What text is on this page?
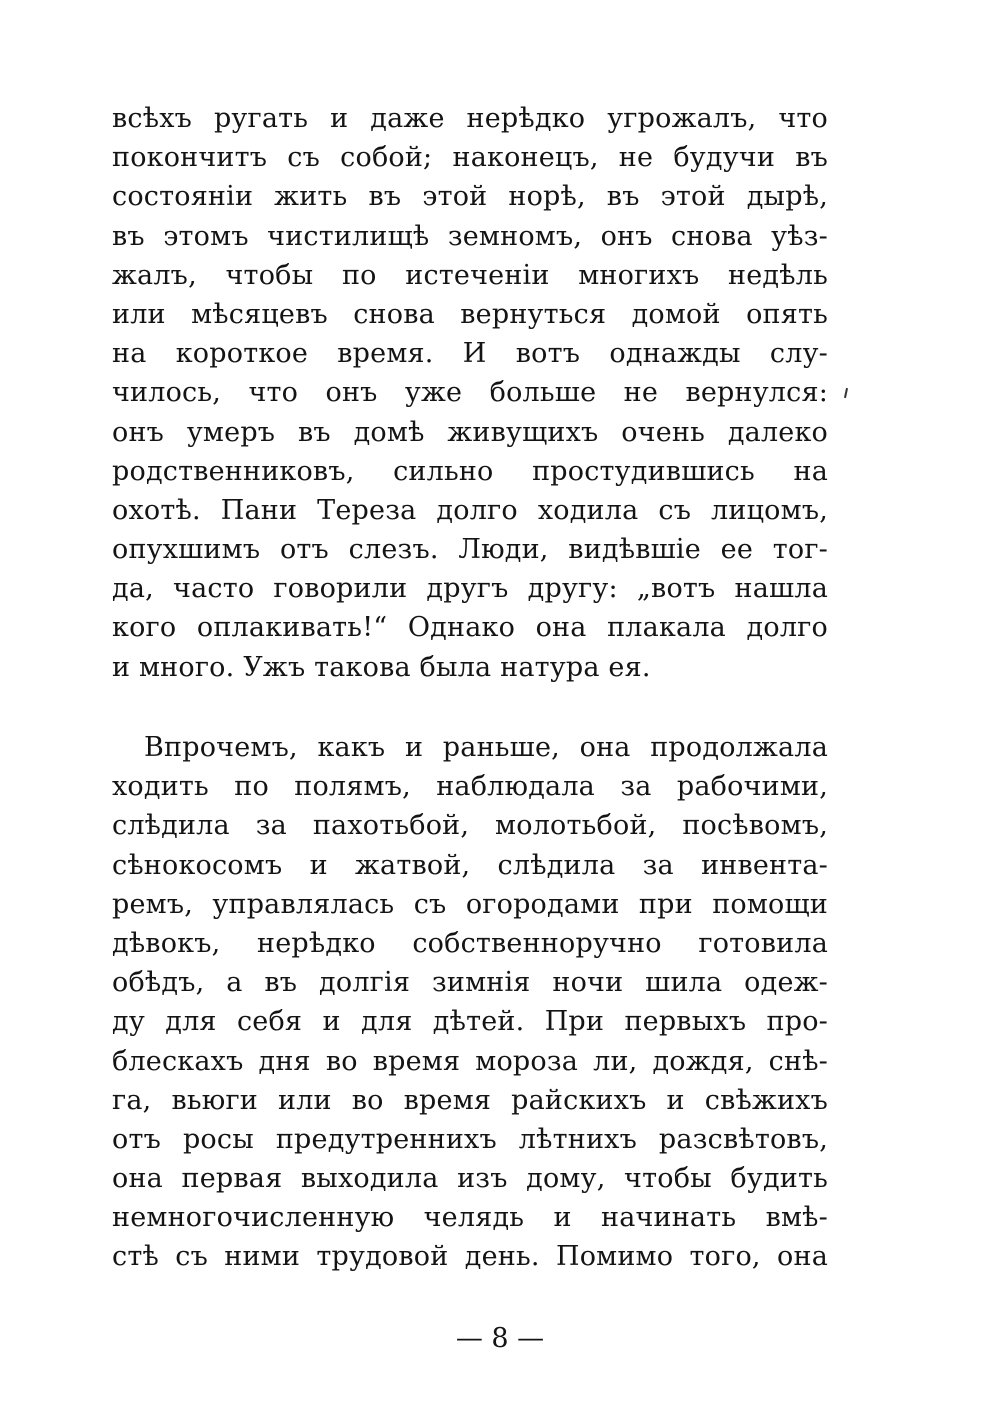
всѣхъ ругать и даже нерѣдко угрожалъ, что
покончитъ съ собой; наконецъ, не будучи въ
состояніи жить въ этой норѣ, въ этой дырѣ,
въ этомъ чистилищѣ земномъ, онъ снова уѣз-
жалъ, чтобы по истеченіи многихъ недѣль
или мѣсяцевъ снова вернуться домой опять
на короткое время. И вотъ однажды слу-
чилось, что онъ уже больше не вернулся:
онъ умеръ въ домѣ живущихъ очень далеко
родственниковъ, сильно простудившись на
охотѣ. Пани Тереза долго ходила съ лицомъ,
опухшимъ отъ слезъ. Люди, видѣвшіе ее тог-
да, часто говорили другъ другу: „вотъ нашла
кого оплакивать!“ Однако она плакала долго
и много. Ужъ такова была натура ея.
Впрочемъ, какъ и раньше, она продолжала
ходить по полямъ, наблюдала за рабочими,
слѣдила за пахотьбой, молотьбой, посѣвомъ,
сѣнокосомъ и жатвой, слѣдила за инвента-
ремъ, управлялась съ огородами при помощи
дѣвокъ, нерѣдко собственноручно готовила
обѣдъ, а въ долгія зимнія ночи шила одеж-
ду для себя и для дѣтей. При первыхъ про-
блескахъ дня во время мороза ли, дождя, снѣ-
га, вьюги или во время райскихъ и свѣжихъ
отъ росы предутреннихъ лѣтнихъ разсвѣтовъ,
она первая выходила изъ дому, чтобы будить
немногочисленную челядь и начинать вмѣ-
стѣ съ ними трудовой день. Помимо того, она
— 8 —
